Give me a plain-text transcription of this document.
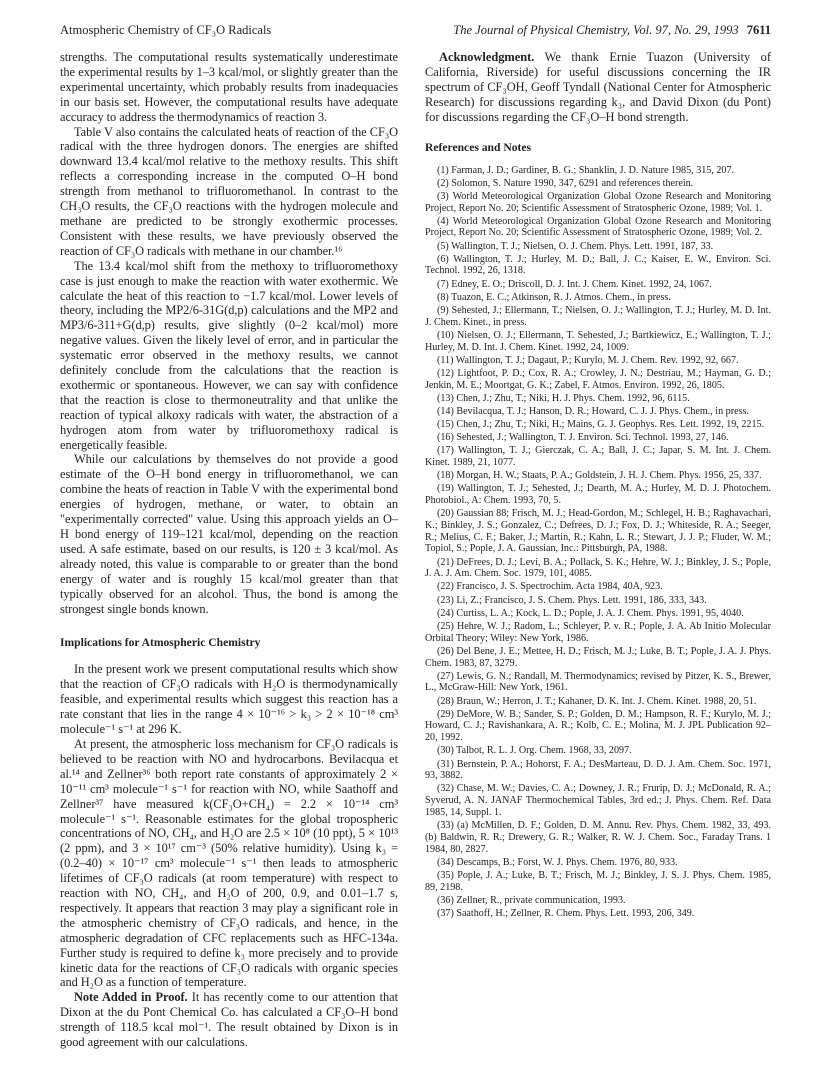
Atmospheric Chemistry of CF₃O Radicals	The Journal of Physical Chemistry, Vol. 97, No. 29, 1993 7611

strengths. The computational results systematically underestimate the experimental results by 1–3 kcal/mol, or slightly greater than the experimental uncertainty, which probably results from inadequacies in our basis set. However, the computational results have adequate accuracy to address the thermodynamics of reaction 3.

Table V also contains the calculated heats of reaction of the CF₃O radical with the three hydrogen donors. The energies are shifted downward 13.4 kcal/mol relative to the methoxy results. This shift reflects a corresponding increase in the computed O–H bond strength from methanol to trifluoromethanol. In contrast to the CH₃O results, the CF₃O reactions with the hydrogen molecule and methane are predicted to be strongly exothermic processes. Consistent with these results, we have previously observed the reaction of CF₃O radicals with methane in our chamber.¹⁶

The 13.4 kcal/mol shift from the methoxy to trifluoromethoxy case is just enough to make the reaction with water exothermic. We calculate the heat of this reaction to −1.7 kcal/mol. Lower levels of theory, including the MP2/6-31G(d,p) calculations and the MP2 and MP3/6-311+G(d,p) results, give slightly (0–2 kcal/mol) more negative values. Given the likely level of error, and in particular the systematic error observed in the methoxy results, we cannot definitely conclude from the calculations that the reaction is exothermic or spontaneous. However, we can say with confidence that the reaction is close to thermoneutrality and that unlike the reaction of typical alkoxy radicals with water, the abstraction of a hydrogen atom from water by trifluoromethoxy radical is energetically feasible.

While our calculations by themselves do not provide a good estimate of the O–H bond energy in trifluoromethanol, we can combine the heats of reaction in Table V with the experimental bond energies of hydrogen, methane, or water, to obtain an "experimentally corrected" value. Using this approach yields an O–H bond energy of 119–121 kcal/mol, depending on the reaction used. A safe estimate, based on our results, is 120 ± 3 kcal/mol. As already noted, this value is comparable to or greater than the bond energy of water and is roughly 15 kcal/mol greater than that typically observed for an alcohol. Thus, the bond is among the strongest single bonds known.

Implications for Atmospheric Chemistry

In the present work we present computational results which show that the reaction of CF₃O radicals with H₂O is thermodynamically feasible, and experimental results which suggest this reaction has a rate constant that lies in the range 4 × 10⁻¹⁶ > k₃ > 2 × 10⁻¹⁸ cm³ molecule⁻¹ s⁻¹ at 296 K.

At present, the atmospheric loss mechanism for CF₃O radicals is believed to be reaction with NO and hydrocarbons. Bevilacqua et al.¹⁴ and Zellner³⁶ both report rate constants of approximately 2 × 10⁻¹¹ cm³ molecule⁻¹ s⁻¹ for reaction with NO, while Saathoff and Zellner³⁷ have measured k(CF₃O+CH₄) = 2.2 × 10⁻¹⁴ cm³ molecule⁻¹ s⁻¹. Reasonable estimates for the global tropospheric concentrations of NO, CH₄, and H₂O are 2.5 × 10⁸ (10 ppt), 5 × 10¹³ (2 ppm), and 3 × 10¹⁷ cm⁻³ (50% relative humidity). Using k₃ = (0.2–40) × 10⁻¹⁷ cm³ molecule⁻¹ s⁻¹ then leads to atmospheric lifetimes of CF₃O radicals (at room temperature) with respect to reaction with NO, CH₄, and H₂O of 200, 0.9, and 0.01–1.7 s, respectively. It appears that reaction 3 may play a significant role in the atmospheric chemistry of CF₃O radicals, and hence, in the atmospheric degradation of CFC replacements such as HFC-134a. Further study is required to define k₃ more precisely and to provide kinetic data for the reactions of CF₃O radicals with organic species and H₂O as a function of temperature.

Note Added in Proof. It has recently come to our attention that Dixon at the du Pont Chemical Co. has calculated a CF₃O–H bond strength of 118.5 kcal mol⁻¹. The result obtained by Dixon is in good agreement with our calculations.

Acknowledgment. We thank Ernie Tuazon (University of California, Riverside) for useful discussions concerning the IR spectrum of CF₃OH, Geoff Tyndall (National Center for Atmospheric Research) for discussions regarding k₃, and David Dixon (du Pont) for discussions regarding the CF₃O–H bond strength.

References and Notes

(1) Farman, J. D.; Gardiner, B. G.; Shanklin, J. D. Nature 1985, 315, 207.

(2) Solomon, S. Nature 1990, 347, 6291 and references therein.

(3) World Meteorological Organization Global Ozone Research and Monitoring Project, Report No. 20; Scientific Assessment of Stratospheric Ozone, 1989; Vol. 1.

(4) World Meteorological Organization Global Ozone Research and Monitoring Project, Report No. 20; Scientific Assessment of Stratospheric Ozone, 1989; Vol. 2.

(5) Wallington, T. J.; Nielsen, O. J. Chem. Phys. Lett. 1991, 187, 33.

(6) Wallington, T. J.; Hurley, M. D.; Ball, J. C.; Kaiser, E. W., Environ. Sci. Technol. 1992, 26, 1318.

(7) Edney, E. O.; Driscoll, D. J. Int. J. Chem. Kinet. 1992, 24, 1067.

(8) Tuazon, E. C.; Atkinson, R. J. Atmos. Chem., in press.

(9) Sehested, J.; Ellermann, T.; Nielsen, O. J.; Wallington, T. J.; Hurley, M. D. Int. J. Chem. Kinet., in press.

(10) Nielsen, O. J.; Ellermann, T. Sehested, J.; Bartkiewicz, E.; Wallington, T. J.; Hurley, M. D. Int. J. Chem. Kinet. 1992, 24, 1009.

(11) Wallington, T. J.; Dagaut, P.; Kurylo, M. J. Chem. Rev. 1992, 92, 667.

(12) Lightfoot, P. D.; Cox, R. A.; Crowley, J. N.; Destriau, M.; Hayman, G. D.; Jenkin, M. E.; Moortgat, G. K.; Zabel, F. Atmos. Environ. 1992, 26, 1805.

(13) Chen, J.; Zhu, T.; Niki, H. J. Phys. Chem. 1992, 96, 6115.

(14) Bevilacqua, T. J.; Hanson, D. R.; Howard, C. J. J. Phys. Chem., in press.

(15) Chen, J.; Zhu, T.; Niki, H.; Mains, G. J. Geophys. Res. Lett. 1992, 19, 2215.

(16) Sehested, J.; Wallington, T. J. Environ. Sci. Technol. 1993, 27, 146.

(17) Wallington, T. J.; Gierczak, C. A.; Ball, J. C.; Japar, S. M. Int. J. Chem. Kinet. 1989, 21, 1077.

(18) Morgan, H. W.; Staats, P. A.; Goldstein, J. H. J. Chem. Phys. 1956, 25, 337.

(19) Wallington, T. J.; Sehested, J.; Dearth, M. A.; Hurley, M. D. J. Photochem. Photobiol., A: Chem. 1993, 70, 5.

(20) Gaussian 88; Frisch, M. J.; Head-Gordon, M.; Schlegel, H. B.; Raghavachari, K.; Binkley, J. S.; Gonzalez, C.; Defrees, D. J.; Fox, D. J.; Whiteside, R. A.; Seeger, R.; Melius, C. F.; Baker, J.; Martin, R.; Kahn, L. R.; Stewart, J. J. P.; Fluder, W. M.; Topiol, S.; Pople, J. A. Gaussian, Inc.: Pittsburgh, PA, 1988.

(21) DeFrees, D. J.; Levi, B. A.; Pollack, S. K.; Hehre, W. J.; Binkley, J. S.; Pople, J. A. J. Am. Chem. Soc. 1979, 101, 4085.

(22) Francisco, J. S. Spectrochim. Acta 1984, 40A, 923.

(23) Li, Z.; Francisco, J. S. Chem. Phys. Lett. 1991, 186, 333, 343.

(24) Curtiss, L. A.; Kock, L. D.; Pople, J. A. J. Chem. Phys. 1991, 95, 4040.

(25) Hehre, W. J.; Radom, L.; Schleyer, P. v. R.; Pople, J. A. Ab Initio Molecular Orbital Theory; Wiley: New York, 1986.

(26) Del Bene, J. E.; Mettee, H. D.; Frisch, M. J.; Luke, B. T.; Pople, J. A. J. Phys. Chem. 1983, 87, 3279.

(27) Lewis, G. N.; Randall, M. Thermodynamics; revised by Pitzer, K. S., Brewer, L., McGraw-Hill: New York, 1961.

(28) Braun, W.; Herron, J. T.; Kahaner, D. K. Int. J. Chem. Kinet. 1988, 20, 51.

(29) DeMore, W. B.; Sander, S. P.; Golden, D. M.; Hampson, R. F.; Kurylo, M. J.; Howard, C. J.; Ravishankara, A. R.; Kolb, C. E.; Molina, M. J. JPL Publication 92–20, 1992.

(30) Talbot, R. L. J. Org. Chem. 1968, 33, 2097.

(31) Bernstein, P. A.; Hohorst, F. A.; DesMarteau, D. D. J. Am. Chem. Soc. 1971, 93, 3882.

(32) Chase, M. W.; Davies, C. A.; Downey, J. R.; Frurip, D. J.; McDonald, R. A.; Syverud, A. N. JANAF Thermochemical Tables, 3rd ed.; J. Phys. Chem. Ref. Data 1985, 14, Suppl. 1.

(33) (a) McMillen, D. F.; Golden, D. M. Annu. Rev. Phys. Chem. 1982, 33, 493. (b) Baldwin, R. R.; Drewery, G. R.; Walker, R. W. J. Chem. Soc., Faraday Trans. 1 1984, 80, 2827.

(34) Descamps, B.; Forst, W. J. Phys. Chem. 1976, 80, 933.

(35) Pople, J. A.; Luke, B. T.; Frisch, M. J.; Binkley, J. S. J. Phys. Chem. 1985, 89, 2198.

(36) Zellner, R., private communication, 1993.

(37) Saathoff, H.; Zellner, R. Chem. Phys. Lett. 1993, 206, 349.
